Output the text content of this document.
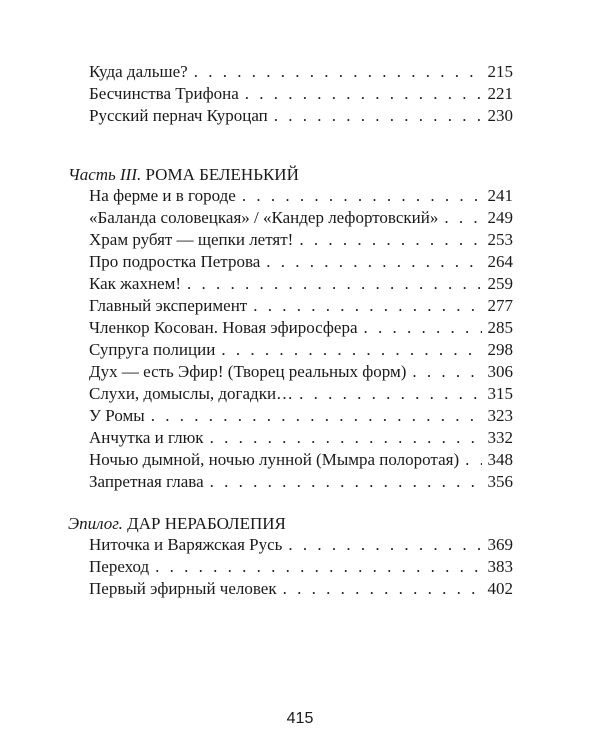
Куда дальше? . . .	215
Бесчинства Трифона . . .	221
Русский пернач Куроцап . . .	230
Часть III. РОМА БЕЛЕНЬКИЙ
На ферме и в городе . . .	241
«Баланда соловецкая» / «Кандер лефортовский» . . .	249
Храм рубят — щепки летят! . . .	253
Про подростка Петрова . . .	264
Как жахнем! . . .	259
Главный эксперимент . . .	277
Членкор Косован. Новая эфиросфера . . .	285
Супруга полиции . . .	298
Дух — есть Эфир! (Творец реальных форм) . . .	306
Слухи, домыслы, догадки… . . .	315
У Ромы . . .	323
Анчутка и глюк . . .	332
Ночью дымной, ночью лунной (Мымра полоротая) . . . 348
Запретная глава . . .	356
Эпилог. ДАР НЕРАБОЛЕПИЯ
Ниточка и Варяжская Русь . . .	369
Переход . . .	383
Первый эфирный человек . . .	402
415
